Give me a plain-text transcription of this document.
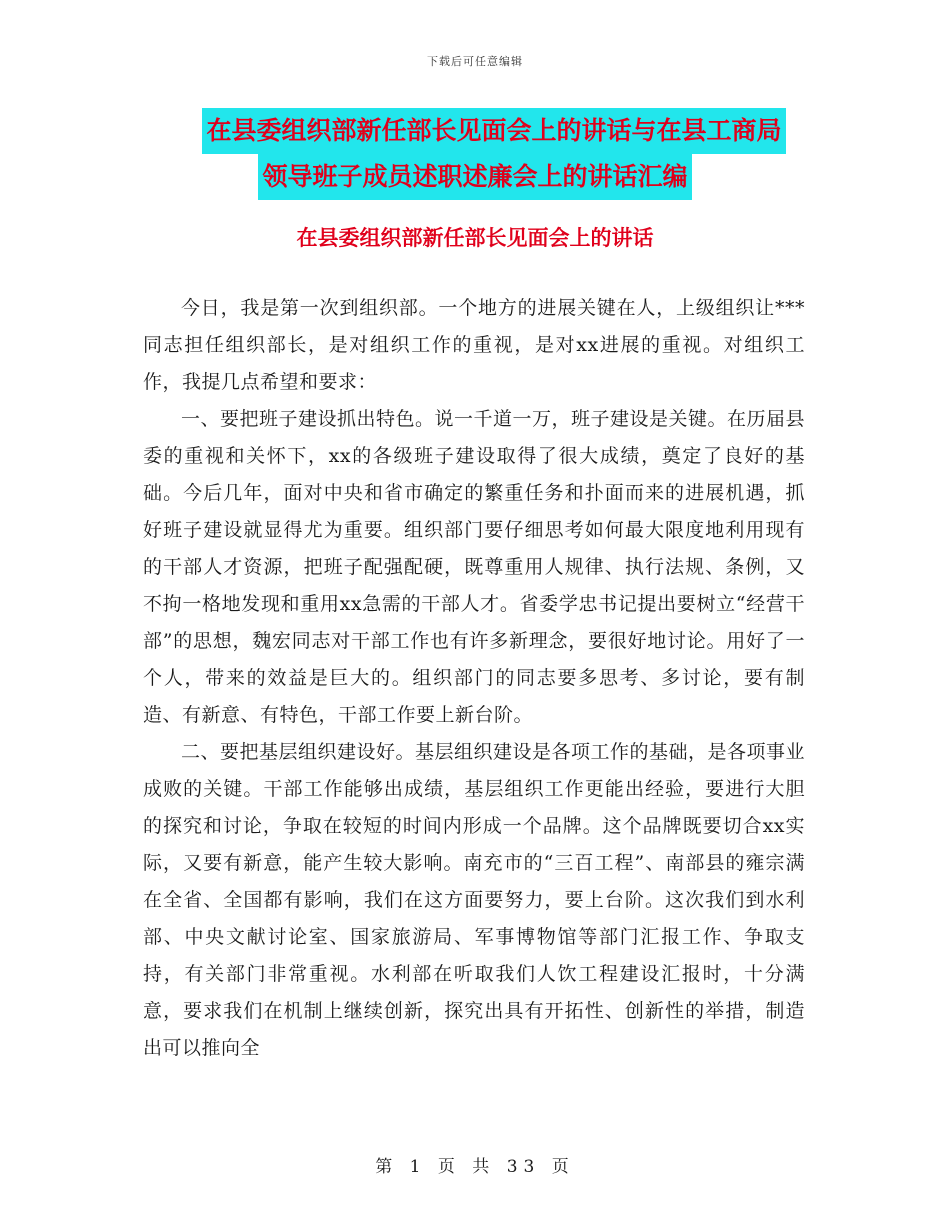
下载后可任意编辑
在县委组织部新任部长见面会上的讲话与在县工商局
领导班子成员述职述廉会上的讲话汇编
在县委组织部新任部长见面会上的讲话

今日，我是第一次到组织部。一个地方的进展关键在人，上级组织让***同志担任组织部长，是对组织工作的重视，是对xx进展的重视。对组织工作，我提几点希望和要求：

一、要把班子建设抓出特色。说一千道一万，班子建设是关键。在历届县委的重视和关怀下，xx的各级班子建设取得了很大成绩，奠定了良好的基础。今后几年，面对中央和省市确定的繁重任务和扑面而来的进展机遇，抓好班子建设就显得尤为重要。组织部门要仔细思考如何最大限度地利用现有的干部人才资源，把班子配强配硬，既尊重用人规律、执行法规、条例，又不拘一格地发现和重用xx急需的干部人才。省委学忠书记提出要树立“经营干部”的思想，魏宏同志对干部工作也有许多新理念，要很好地讨论。用好了一个人，带来的效益是巨大的。组织部门的同志要多思考、多讨论，要有制造、有新意、有特色，干部工作要上新台阶。

二、要把基层组织建设好。基层组织建设是各项工作的基础，是各项事业成败的关键。干部工作能够出成绩，基层组织工作更能出经验，要进行大胆的探究和讨论，争取在较短的时间内形成一个品牌。这个品牌既要切合xx实际，又要有新意，能产生较大影响。南充市的“三百工程”、南部县的雍宗满在全省、全国都有影响，我们在这方面要努力，要上台阶。这次我们到水利部、中央文献讨论室、国家旅游局、军事博物馆等部门汇报工作、争取支持，有关部门非常重视。水利部在听取我们人饮工程建设汇报时，十分满意，要求我们在机制上继续创新，探究出具有开拓性、创新性的举措，制造出可以推向全

第 1 页 共 33 页
